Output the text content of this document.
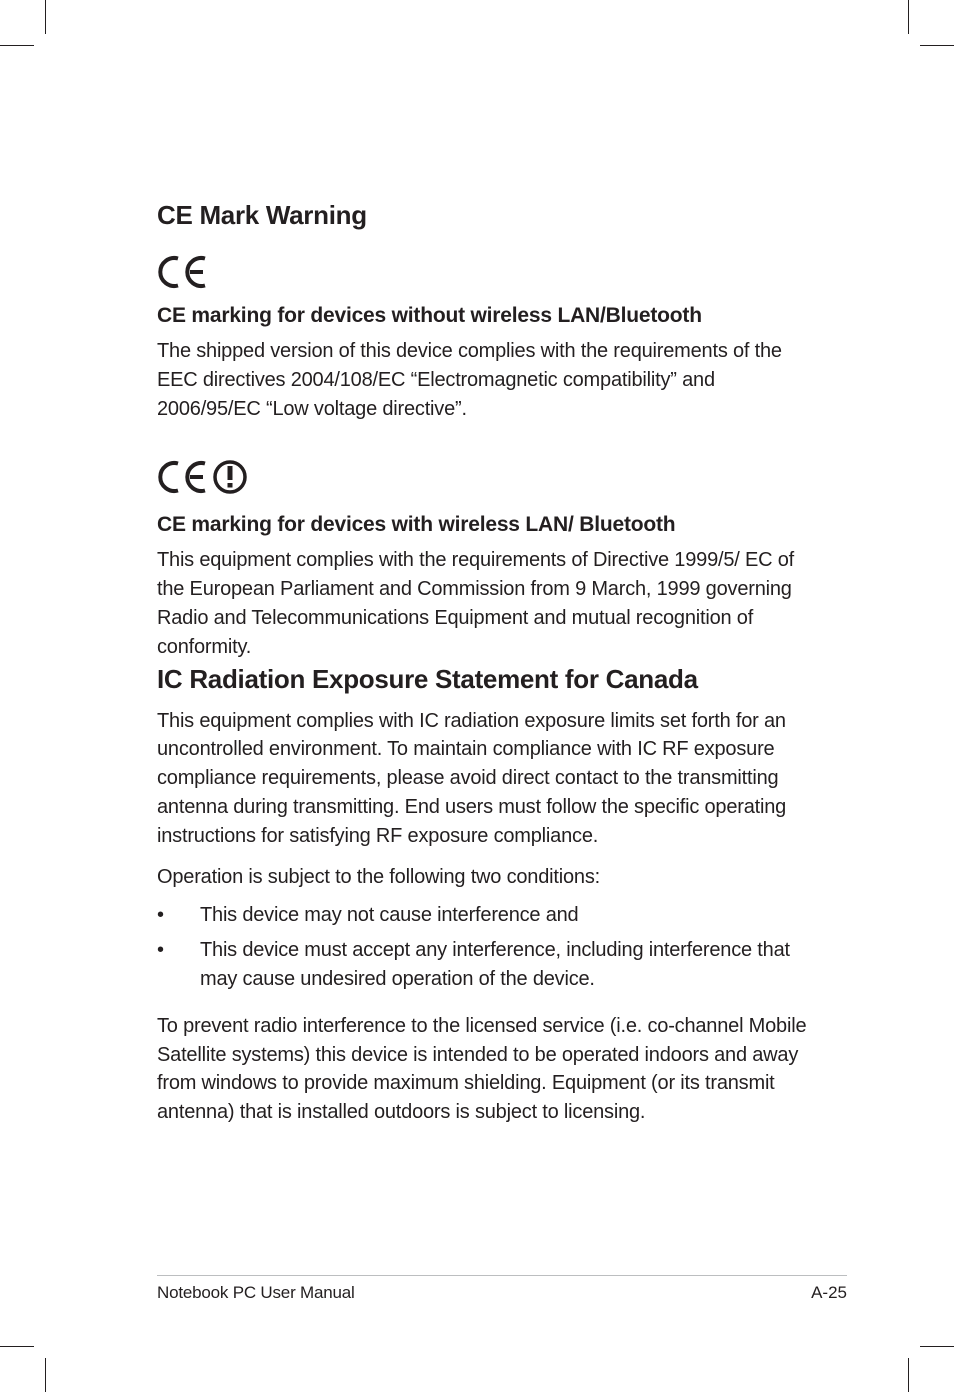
CE Mark Warning
CE marking for devices without wireless LAN/Bluetooth

The shipped version of this device complies with the requirements of the EEC directives 2004/108/EC “Electromagnetic compatibility” and 2006/95/EC “Low voltage directive”.

CE marking for devices with wireless LAN/ Bluetooth

This equipment complies with the requirements of Directive 1999/5/ EC of the European Parliament and Commission from 9 March, 1999 governing Radio and Telecommunications Equipment and mutual recognition of conformity.

IC Radiation Exposure Statement for Canada

This equipment complies with IC radiation exposure limits set forth for an uncontrolled environment. To maintain compliance with IC RF exposure compliance requirements, please avoid direct contact to the transmitting antenna during transmitting. End users must follow the specific operating instructions for satisfying RF exposure compliance.

Operation is subject to the following two conditions:

• This device may not cause interference and
• This device must accept any interference, including interference that may cause undesired operation of the device.

To prevent radio interference to the licensed service (i.e. co-channel Mobile Satellite systems) this device is intended to be operated indoors and away from windows to provide maximum shielding. Equipment (or its transmit antenna) that is installed outdoors is subject to licensing.

Notebook PC User Manual	A-25
